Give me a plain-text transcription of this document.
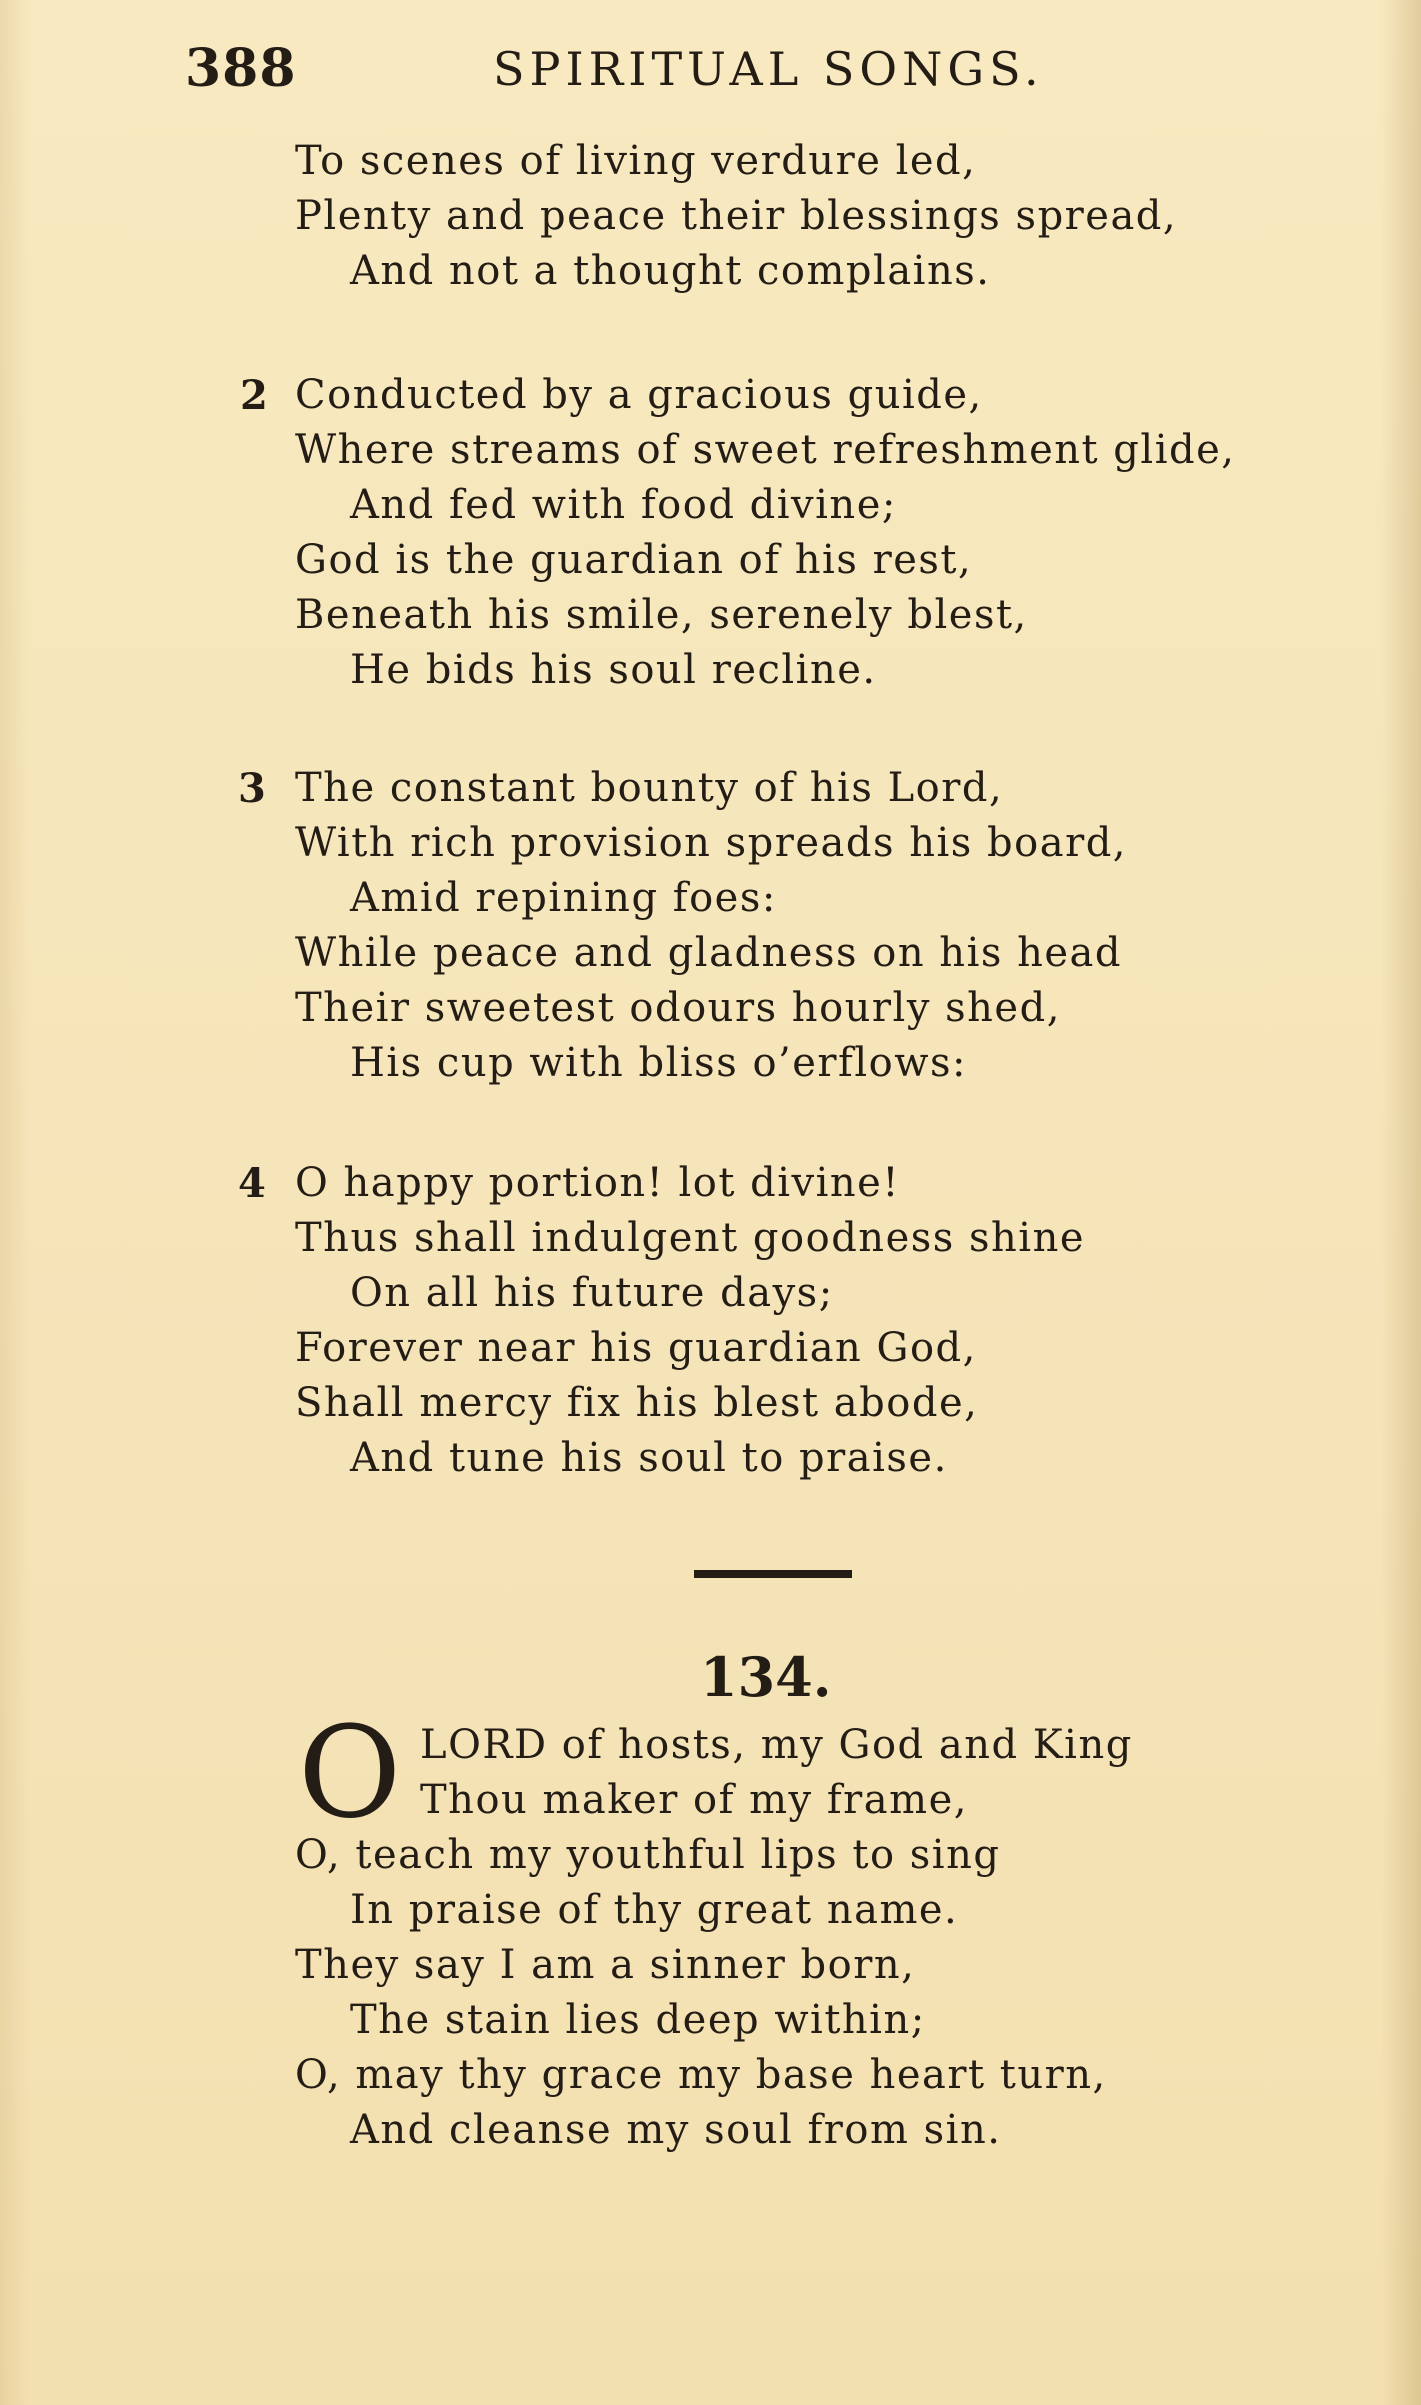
388	SPIRITUAL SONGS.
To scenes of living verdure led,
Plenty and peace their blessings spread,
And not a thought complains.
2 Conducted by a gracious guide,
Where streams of sweet refreshment glide,
And fed with food divine;
God is the guardian of his rest,
Beneath his smile, serenely blest,
He bids his soul recline.
3 The constant bounty of his Lord,
With rich provision spreads his board,
Amid repining foes:
While peace and gladness on his head
Their sweetest odours hourly shed,
His cup with bliss o’erflows:
4 O happy portion! lot divine!
Thus shall indulgent goodness shine
On all his future days;
Forever near his guardian God,
Shall mercy fix his blest abode,
And tune his soul to praise.
134.
O LORD of hosts, my God and King
Thou maker of my frame,
O, teach my youthful lips to sing
In praise of thy great name.
They say I am a sinner born,
The stain lies deep within;
O, may thy grace my base heart turn,
And cleanse my soul from sin.
